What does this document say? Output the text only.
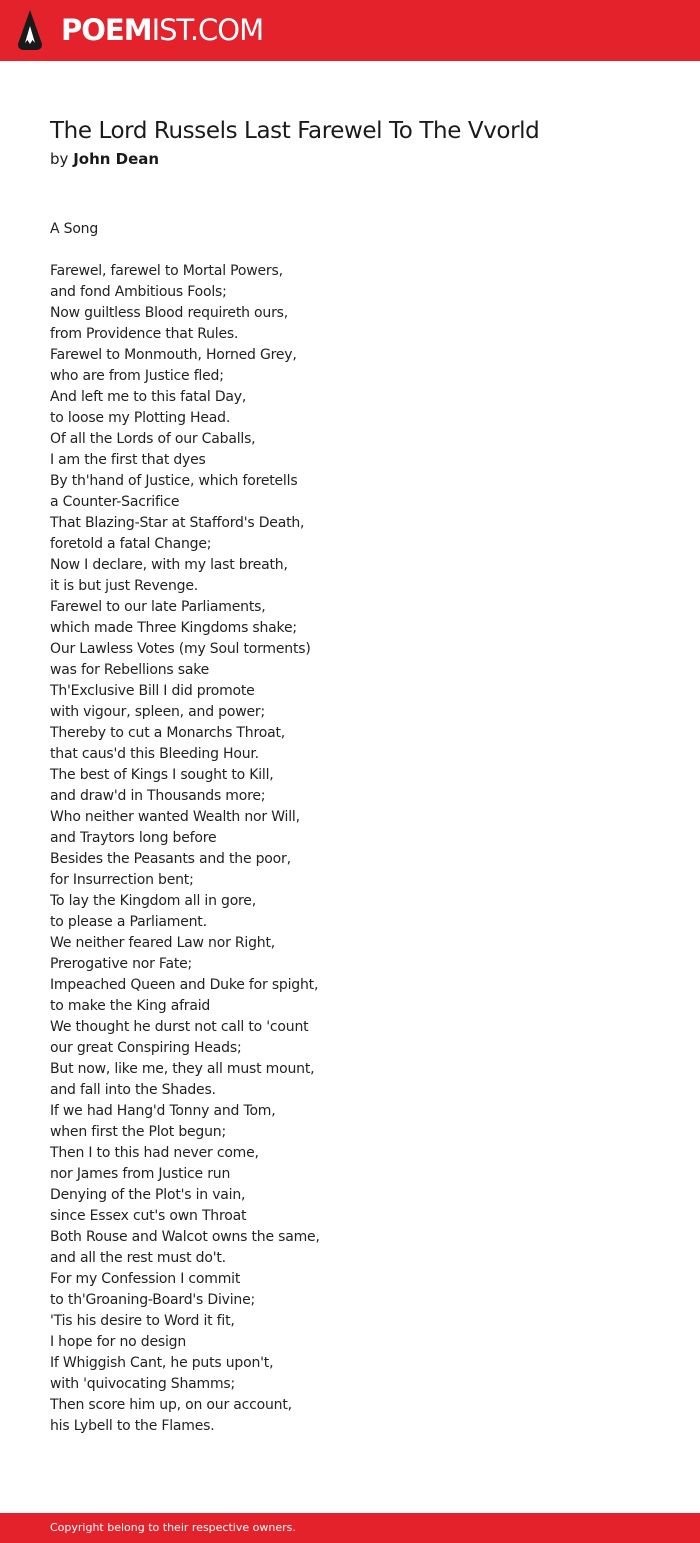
POEMIST.COM
The Lord Russels Last Farewel To The Vvorld
by John Dean
A Song
Farewel, farewel to Mortal Powers,
and fond Ambitious Fools;
Now guiltless Blood requireth ours,
from Providence that Rules.
Farewel to Monmouth, Horned Grey,
who are from Justice fled;
And left me to this fatal Day,
to loose my Plotting Head.
Of all the Lords of our Caballs,
I am the first that dyes
By th'hand of Justice, which foretells
a Counter-Sacrifice
That Blazing-Star at Stafford's Death,
foretold a fatal Change;
Now I declare, with my last breath,
it is but just Revenge.
Farewel to our late Parliaments,
which made Three Kingdoms shake;
Our Lawless Votes (my Soul torments)
was for Rebellions sake
Th'Exclusive Bill I did promote
with vigour, spleen, and power;
Thereby to cut a Monarchs Throat,
that caus'd this Bleeding Hour.
The best of Kings I sought to Kill,
and draw'd in Thousands more;
Who neither wanted Wealth nor Will,
and Traytors long before
Besides the Peasants and the poor,
for Insurrection bent;
To lay the Kingdom all in gore,
to please a Parliament.
We neither feared Law nor Right,
Prerogative nor Fate;
Impeached Queen and Duke for spight,
to make the King afraid
We thought he durst not call to 'count
our great Conspiring Heads;
But now, like me, they all must mount,
and fall into the Shades.
If we had Hang'd Tonny and Tom,
when first the Plot begun;
Then I to this had never come,
nor James from Justice run
Denying of the Plot's in vain,
since Essex cut's own Throat
Both Rouse and Walcot owns the same,
and all the rest must do't.
For my Confession I commit
to th'Groaning-Board's Divine;
'Tis his desire to Word it fit,
I hope for no design
If Whiggish Cant, he puts upon't,
with 'quivocating Shamms;
Then score him up, on our account,
his Lybell to the Flames.
Copyright belong to their respective owners.
